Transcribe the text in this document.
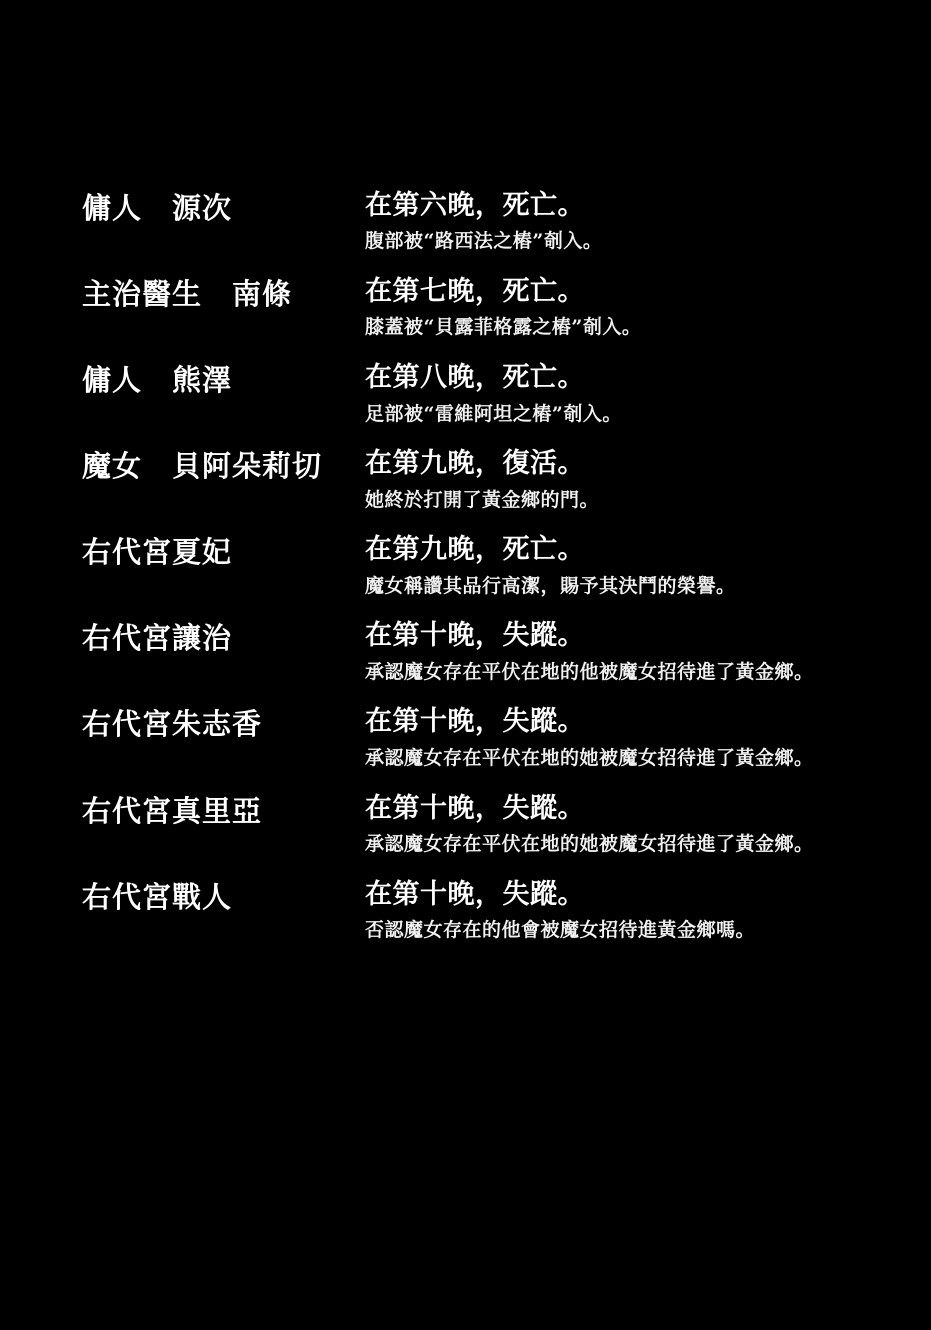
傭人　源次	在第六晚，死亡。
腹部被“路西法之樁”剞入。
主治醫生　南條	在第七晚，死亡。
膝蓋被“貝露菲格露之樁”剞入。
傭人　熊澤	在第八晚，死亡。
足部被“雷維阿坦之樁”剞入。
魔女　貝阿朵莉切	在第九晚，復活。
她終於打開了黃金鄉的門。
右代宮夏妃	在第九晚，死亡。
魔女稱讚其品行高潔，賜予其決鬥的榮譽。
右代宮讓治	在第十晚，失蹤。
承認魔女存在平伏在地的他被魔女招待進了黃金鄉。
右代宮朱志香	在第十晚，失蹤。
承認魔女存在平伏在地的她被魔女招待進了黃金鄉。
右代宮真里亞	在第十晚，失蹤。
承認魔女存在平伏在地的她被魔女招待進了黃金鄉。
右代宮戰人	在第十晚，失蹤。
否認魔女存在的他會被魔女招待進黃金鄉嗎。
